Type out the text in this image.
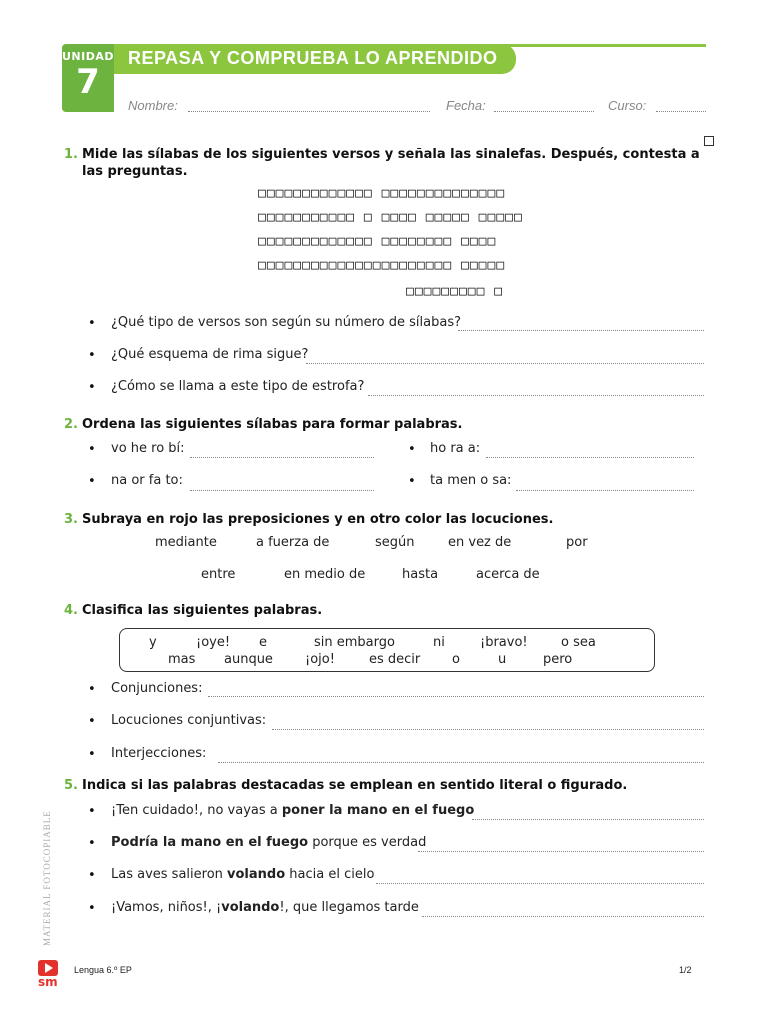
UNIDAD
7
REPASA Y COMPRUEBA LO APRENDIDO
Nombre:	Fecha:	Curso:
1. Mide las sílabas de los siguientes versos y señala las sinalefas. Después, contesta a las preguntas.
□□□□□□□□□□□□□ □□□□□□□□□□□□□□
□□□□□□□□□□□ □ □□□□ □□□□□ □□□□□
□□□□□□□□□□□□□ □□□□□□□□ □□□□
□□□□□□□□□□□□□□□□□□□□□□ □□□□□
□□□□□□□□□ □
• ¿Qué tipo de versos son según su número de sílabas?
• ¿Qué esquema de rima sigue?
• ¿Cómo se llama a este tipo de estrofa?
2. Ordena las siguientes sílabas para formar palabras.
• vo he ro bí:	• ho ra a:
• na or fa to:	• ta men o sa:
3. Subraya en rojo las preposiciones y en otro color las locuciones.
mediante	a fuerza de	según	en vez de	por
entre	en medio de	hasta	acerca de
4. Clasifica las siguientes palabras.
y	¡oye! e	sin embargo	ni	¡bravo!	o sea
mas aunque ¡ojo!	es decir o	u	pero
• Conjunciones:
• Locuciones conjuntivas:
• Interjecciones:
5. Indica si las palabras destacadas se emplean en sentido literal o figurado.
• ¡Ten cuidado!, no vayas a poner la mano en el fuego
• Podría la mano en el fuego porque es verdad
• Las aves salieron volando hacia el cielo
• ¡Vamos, niños!, ¡volando!, que llegamos tarde
MATERIAL FOTOCOPIABLE
sm
Lengua 6.º EP	1/2
